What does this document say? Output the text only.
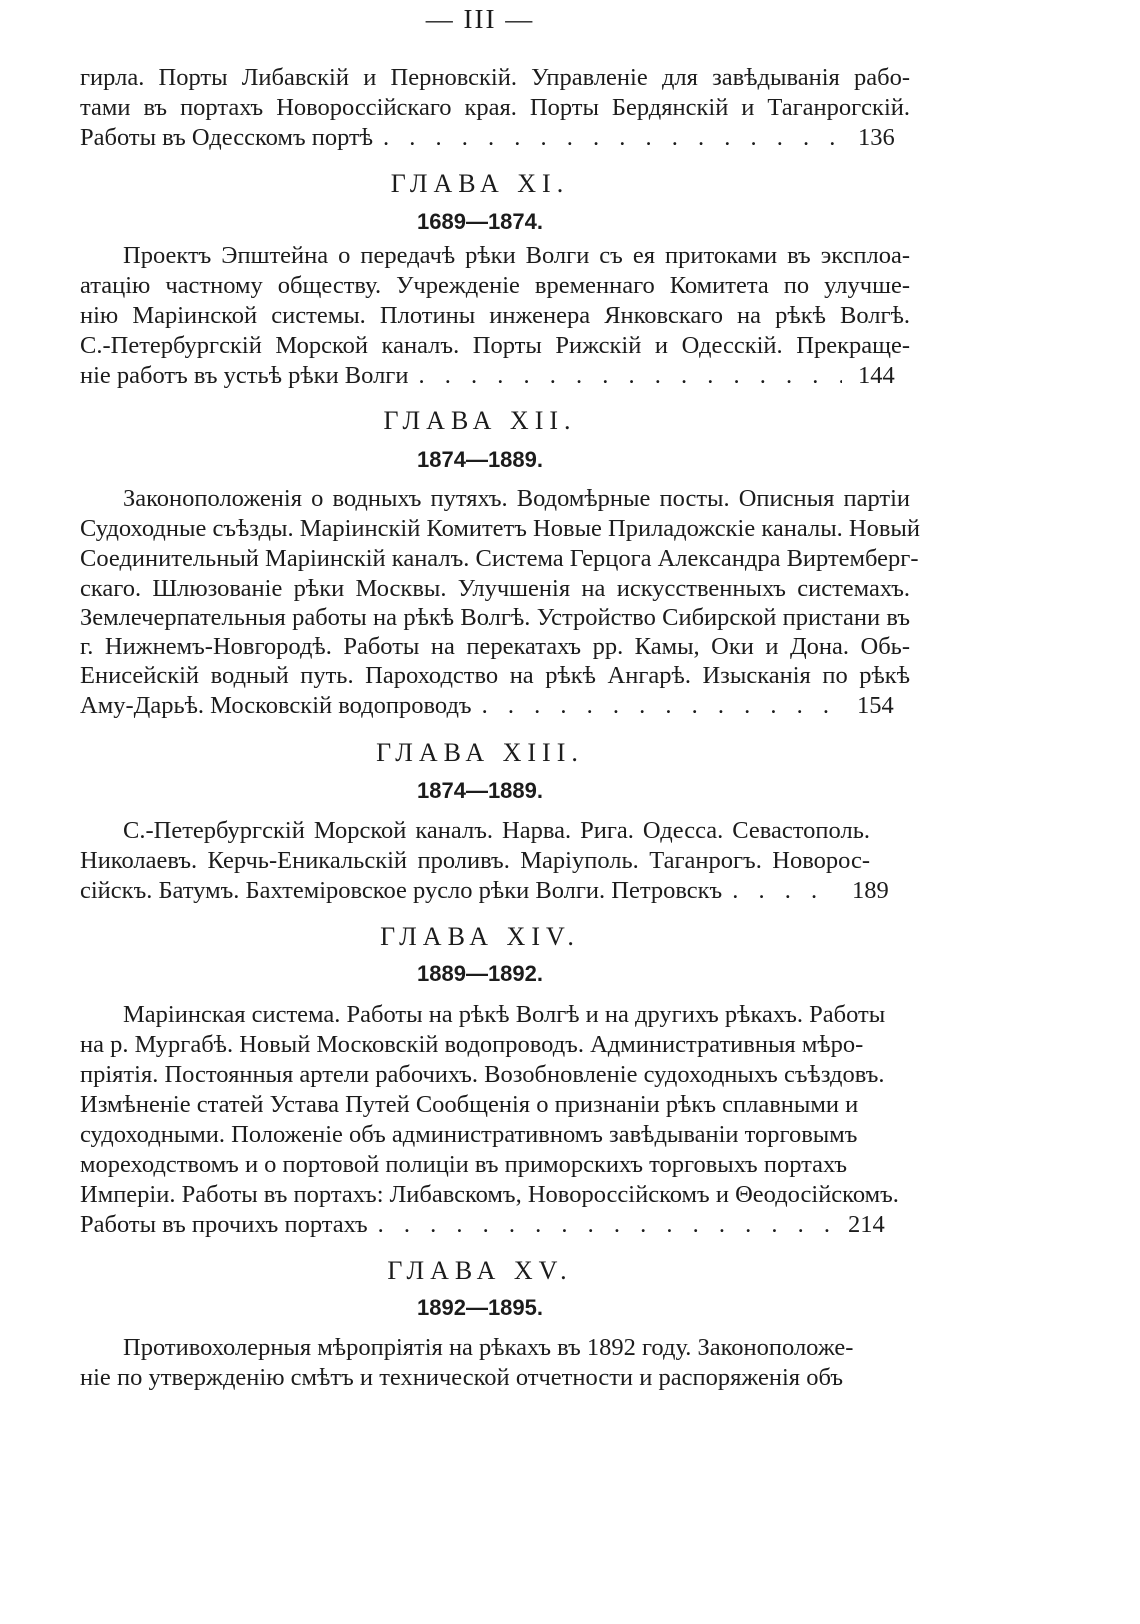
— III —
гирла. Порты Либавскій и Перновскій. Управленіе для завѣдыванія рабо-
тами въ портахъ Новороссійскаго края. Порты Бердянскій и Таганрогскій.
Работы въ Одесскомъ портѣ . . .	136
ГЛАВА XI.
1689—1874.
Проектъ Эпштейна о передачѣ рѣки Волги съ ея притоками въ эксплоа-
атацію частному обществу. Учрежденіе временнаго Комитета по улучше-
нію Маріинской системы. Плотины инженера Янковскаго на рѣкѣ Волгѣ.
С.-Петербургскій Морской каналъ. Порты Рижскій и Одесскій. Прекраще-
ніе работъ въ устьѣ рѣки Волги . . .	144
ГЛАВА XII.
1874—1889.
Законоположенія о водныхъ путяхъ. Водомѣрные посты. Описныя партіи
Судоходные съѣзды. Маріинскій Комитетъ Новые Приладожскіе каналы. Новый
Соединительный Маріинскій каналъ. Система Герцога Александра Виртемберг-
скаго. Шлюзованіе рѣки Москвы. Улучшенія на искусственныхъ системахъ.
Землечерпательныя работы на рѣкѣ Волгѣ. Устройство Сибирской пристани въ
г. Нижнемъ-Новгородѣ. Работы на перекатахъ рр. Камы, Оки и Дона. Обь-
Енисейскій водный путь. Пароходство на рѣкѣ Ангарѣ. Изысканія по рѣкѣ
Аму-Дарьѣ. Московскій водопроводъ . . .	154
ГЛАВА XIII.
1874—1889.
С.-Петербургскій Морской каналъ. Нарва. Рига. Одесса. Севастополь.
Николаевъ. Керчь-Еникальскій проливъ. Маріуполь. Таганрогъ. Новорос-
сійскъ. Батумъ. Бахтеміровское русло рѣки Волги. Петровскъ . . .	189
ГЛАВА XIV.
1889—1892.
Маріинская система. Работы на рѣкѣ Волгѣ и на другихъ рѣкахъ. Работы
на р. Мургабѣ. Новый Московскій водопроводъ. Административныя мѣро-
пріятія. Постоянныя артели рабочихъ. Возобновленіе судоходныхъ съѣздовъ.
Измѣненіе статей Устава Путей Сообщенія о признаніи рѣкъ сплавными и
судоходными. Положеніе объ административномъ завѣдываніи торговымъ
мореходствомъ и о портовой полиціи въ приморскихъ торговыхъ портахъ
Имперіи. Работы въ портахъ: Либавскомъ, Новороссійскомъ и Θеодосійскомъ.
Работы въ прочихъ портахъ . . .	214
ГЛАВА XV.
1892—1895.
Противохолерныя мѣропріятія на рѣкахъ въ 1892 году. Законоположе-
ніе по утвержденію смѣтъ и технической отчетности и распоряженія объ
